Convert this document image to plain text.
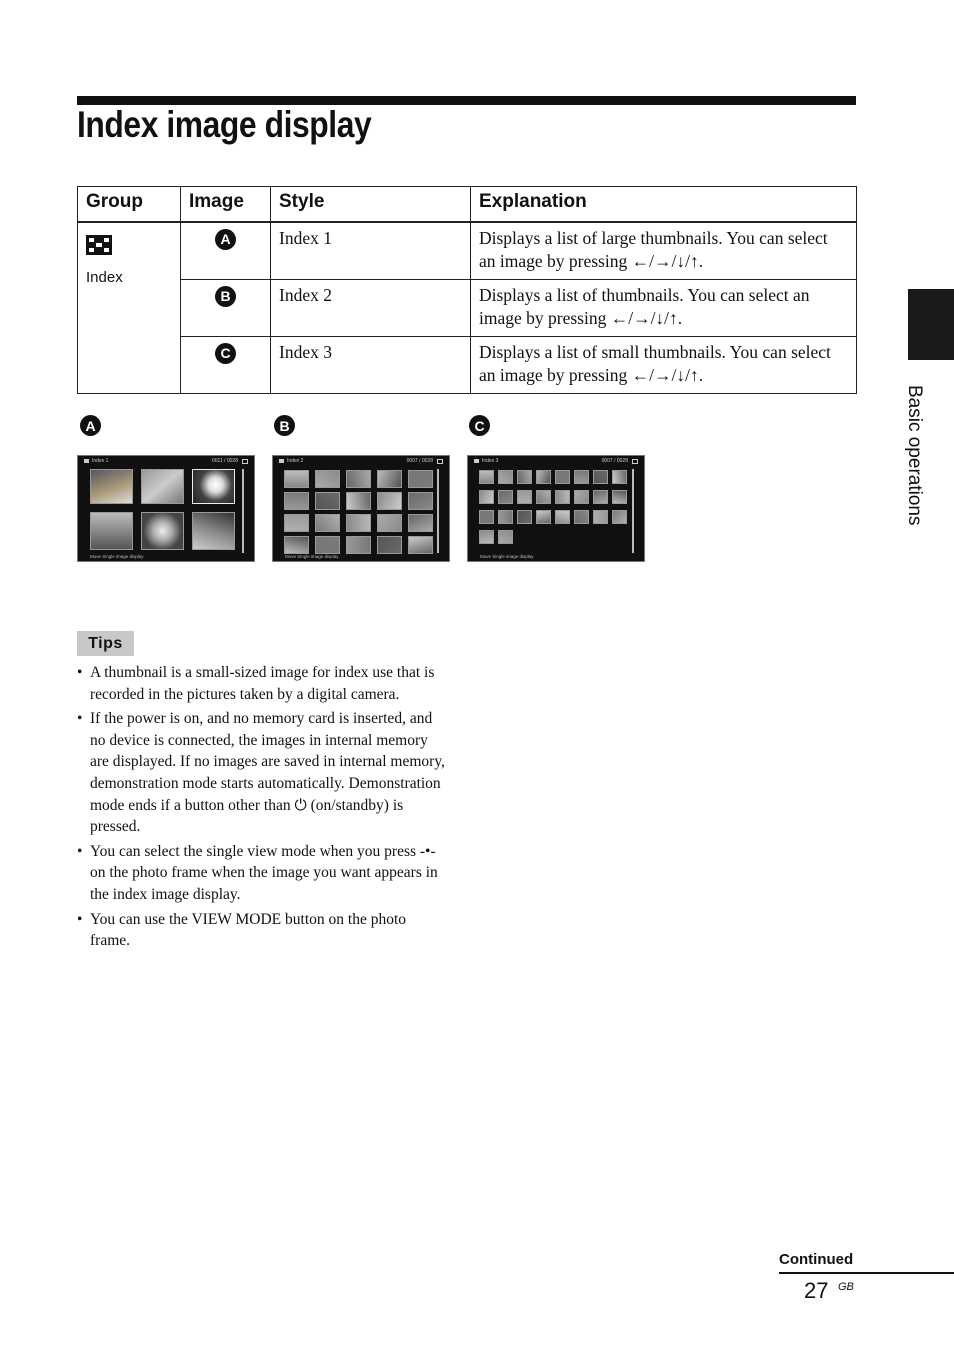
Index image display
Group	Image	Style	Explanation

Index	A	Index 1	Displays a list of large thumbnails. You can select an image by pressing ←/→/↓/↑.
	B	Index 2	Displays a list of thumbnails. You can select an image by pressing ←/→/↓/↑.
	C	Index 3	Displays a list of small thumbnails. You can select an image by pressing ←/→/↓/↑.
A	B	C
Index 1	0011 / 0028
Move Single image display
Index 2	0007 / 0028
Move Single image display
Index 3	0007 / 0028
Move Single image display
Tips
• A thumbnail is a small-sized image for index use that is recorded in the pictures taken by a digital camera.
• If the power is on, and no memory card is inserted, and no device is connected, the images in internal memory are displayed. If no images are saved in internal memory, demonstration mode starts automatically. Demonstration mode ends if a button other than ⏻ (on/standby) is pressed.
• You can select the single view mode when you press -•- on the photo frame when the image you want appears in the index image display.
• You can use the VIEW MODE button on the photo frame.
Basic operations
Continued
27 GB
